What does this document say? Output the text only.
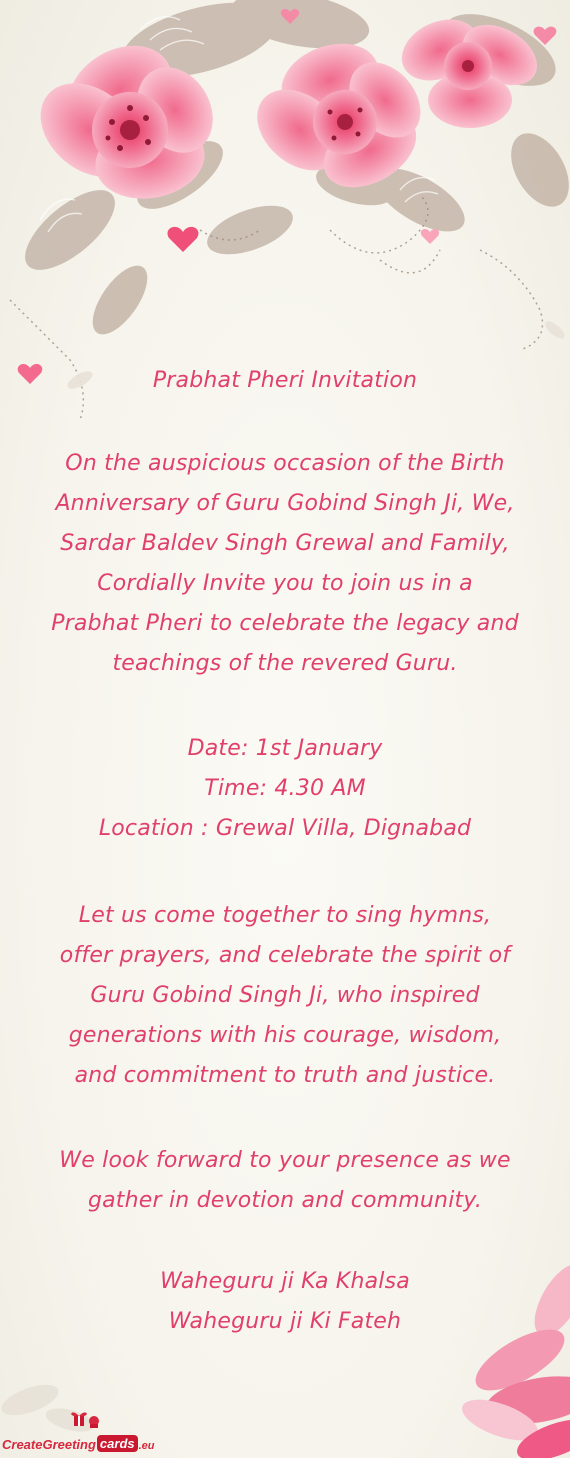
Prabhat Pheri Invitation
On the auspicious occasion of the Birth
Anniversary of Guru Gobind Singh Ji, We,
Sardar Baldev Singh Grewal and Family,
Cordially Invite you to join us in a
Prabhat Pheri to celebrate the legacy and
teachings of the revered Guru.
Date: 1st January
Time: 4.30 AM
Location : Grewal Villa, Dignabad
Let us come together to sing hymns,
offer prayers, and celebrate the spirit of
Guru Gobind Singh Ji, who inspired
generations with his courage, wisdom,
and commitment to truth and justice.
We look forward to your presence as we
gather in devotion and community.
Waheguru ji Ka Khalsa
Waheguru ji Ki Fateh
CreateGreeting cards .eu
